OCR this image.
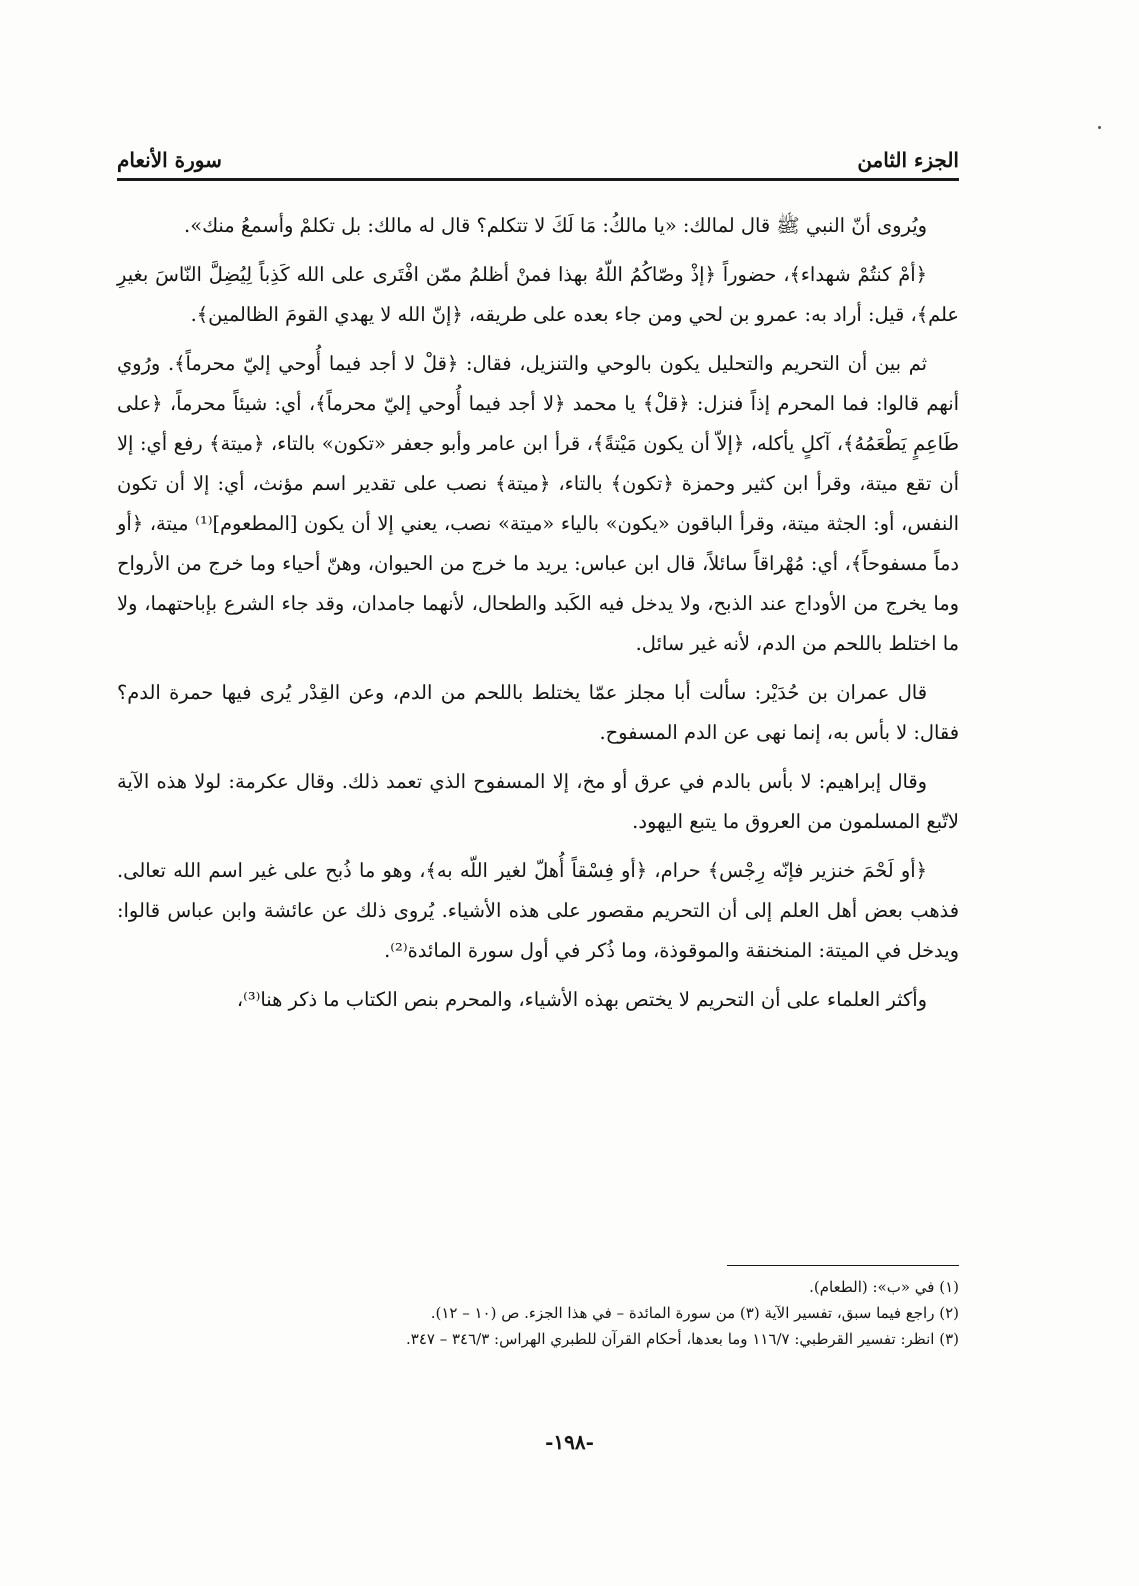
الجزء الثامن
سورة الأنعام

ويُروى أنّ النبي ﷺ قال لمالك: «يا مالكُ: مَا لَكَ لا تتكلم؟ قال له مالك: بل تكلمْ وأسمعُ منك».

﴿أمْ كنتُمْ شهداء﴾، حضوراً ﴿إذْ وصّاكُمُ اللّهُ بهذا فمنْ أظلمُ ممّن افْتَرى على الله كَذِباً لِيُضِلَّ النّاسَ بغيرِ علم﴾، قيل: أراد به: عمرو بن لحي ومن جاء بعده على طريقه، ﴿إنّ الله لا يهدي القومَ الظالمين﴾.

ثم بين أن التحريم والتحليل يكون بالوحي والتنزيل، فقال: ﴿قلْ لا أجد فيما أُوحي إليّ محرماً﴾. ورُوي أنهم قالوا: فما المحرم إذاً فنزل: ﴿قلْ﴾ يا محمد ﴿لا أجد فيما أُوحي إليّ محرماً﴾، أي: شيئاً محرماً، ﴿على طَاعِمٍ يَطْعَمُهُ﴾، آكلٍ يأكله، ﴿إلاّ أن يكون مَيْتةً﴾، قرأ ابن عامر وأبو جعفر «تكون» بالتاء، ﴿ميتة﴾ رفع أي: إلا أن تقع ميتة، وقرأ ابن كثير وحمزة ﴿تكون﴾ بالتاء، ﴿ميتة﴾ نصب على تقدير اسم مؤنث، أي: إلا أن تكون النفس، أو: الجثة ميتة، وقرأ الباقون «يكون» بالياء «ميتة» نصب، يعني إلا أن يكون [المطعوم]⁽¹⁾ ميتة، ﴿أو دماً مسفوحاً﴾، أي: مُهْراقاً سائلاً، قال ابن عباس: يريد ما خرج من الحيوان، وهنّ أحياء وما خرج من الأرواح وما يخرج من الأوداج عند الذبح، ولا يدخل فيه الكَبد والطحال، لأنهما جامدان، وقد جاء الشرع بإباحتهما، ولا ما اختلط باللحم من الدم، لأنه غير سائل.

قال عمران بن حُدَيْر: سألت أبا مجلز عمّا يختلط باللحم من الدم، وعن القِدْر يُرى فيها حمرة الدم؟ فقال: لا بأس به، إنما نهى عن الدم المسفوح.

وقال إبراهيم: لا بأس بالدم في عرق أو مخ، إلا المسفوح الذي تعمد ذلك. وقال عكرمة: لولا هذه الآية لاتّبع المسلمون من العروق ما يتبع اليهود.

﴿أو لَحْمَ خنزير فإنّه رِجْس﴾ حرام، ﴿أو فِسْقاً أُهلّ لغير اللّه به﴾، وهو ما ذُبح على غير اسم الله تعالى. فذهب بعض أهل العلم إلى أن التحريم مقصور على هذه الأشياء. يُروى ذلك عن عائشة وابن عباس قالوا: ويدخل في الميتة: المنخنقة والموقوذة، وما ذُكر في أول سورة المائدة⁽²⁾.

وأكثر العلماء على أن التحريم لا يختص بهذه الأشياء، والمحرم بنص الكتاب ما ذكر هنا⁽³⁾،

(١) في «ب»: (الطعام).
(٢) راجع فيما سبق، تفسير الآية (٣) من سورة المائدة – في هذا الجزء. ص (١٠ – ١٢).
(٣) انظر: تفسير القرطبي: ١١٦/٧ وما بعدها، أحكام القرآن للطبري الهراس: ٣٤٦/٣ – ٣٤٧.
-١٩٨-
